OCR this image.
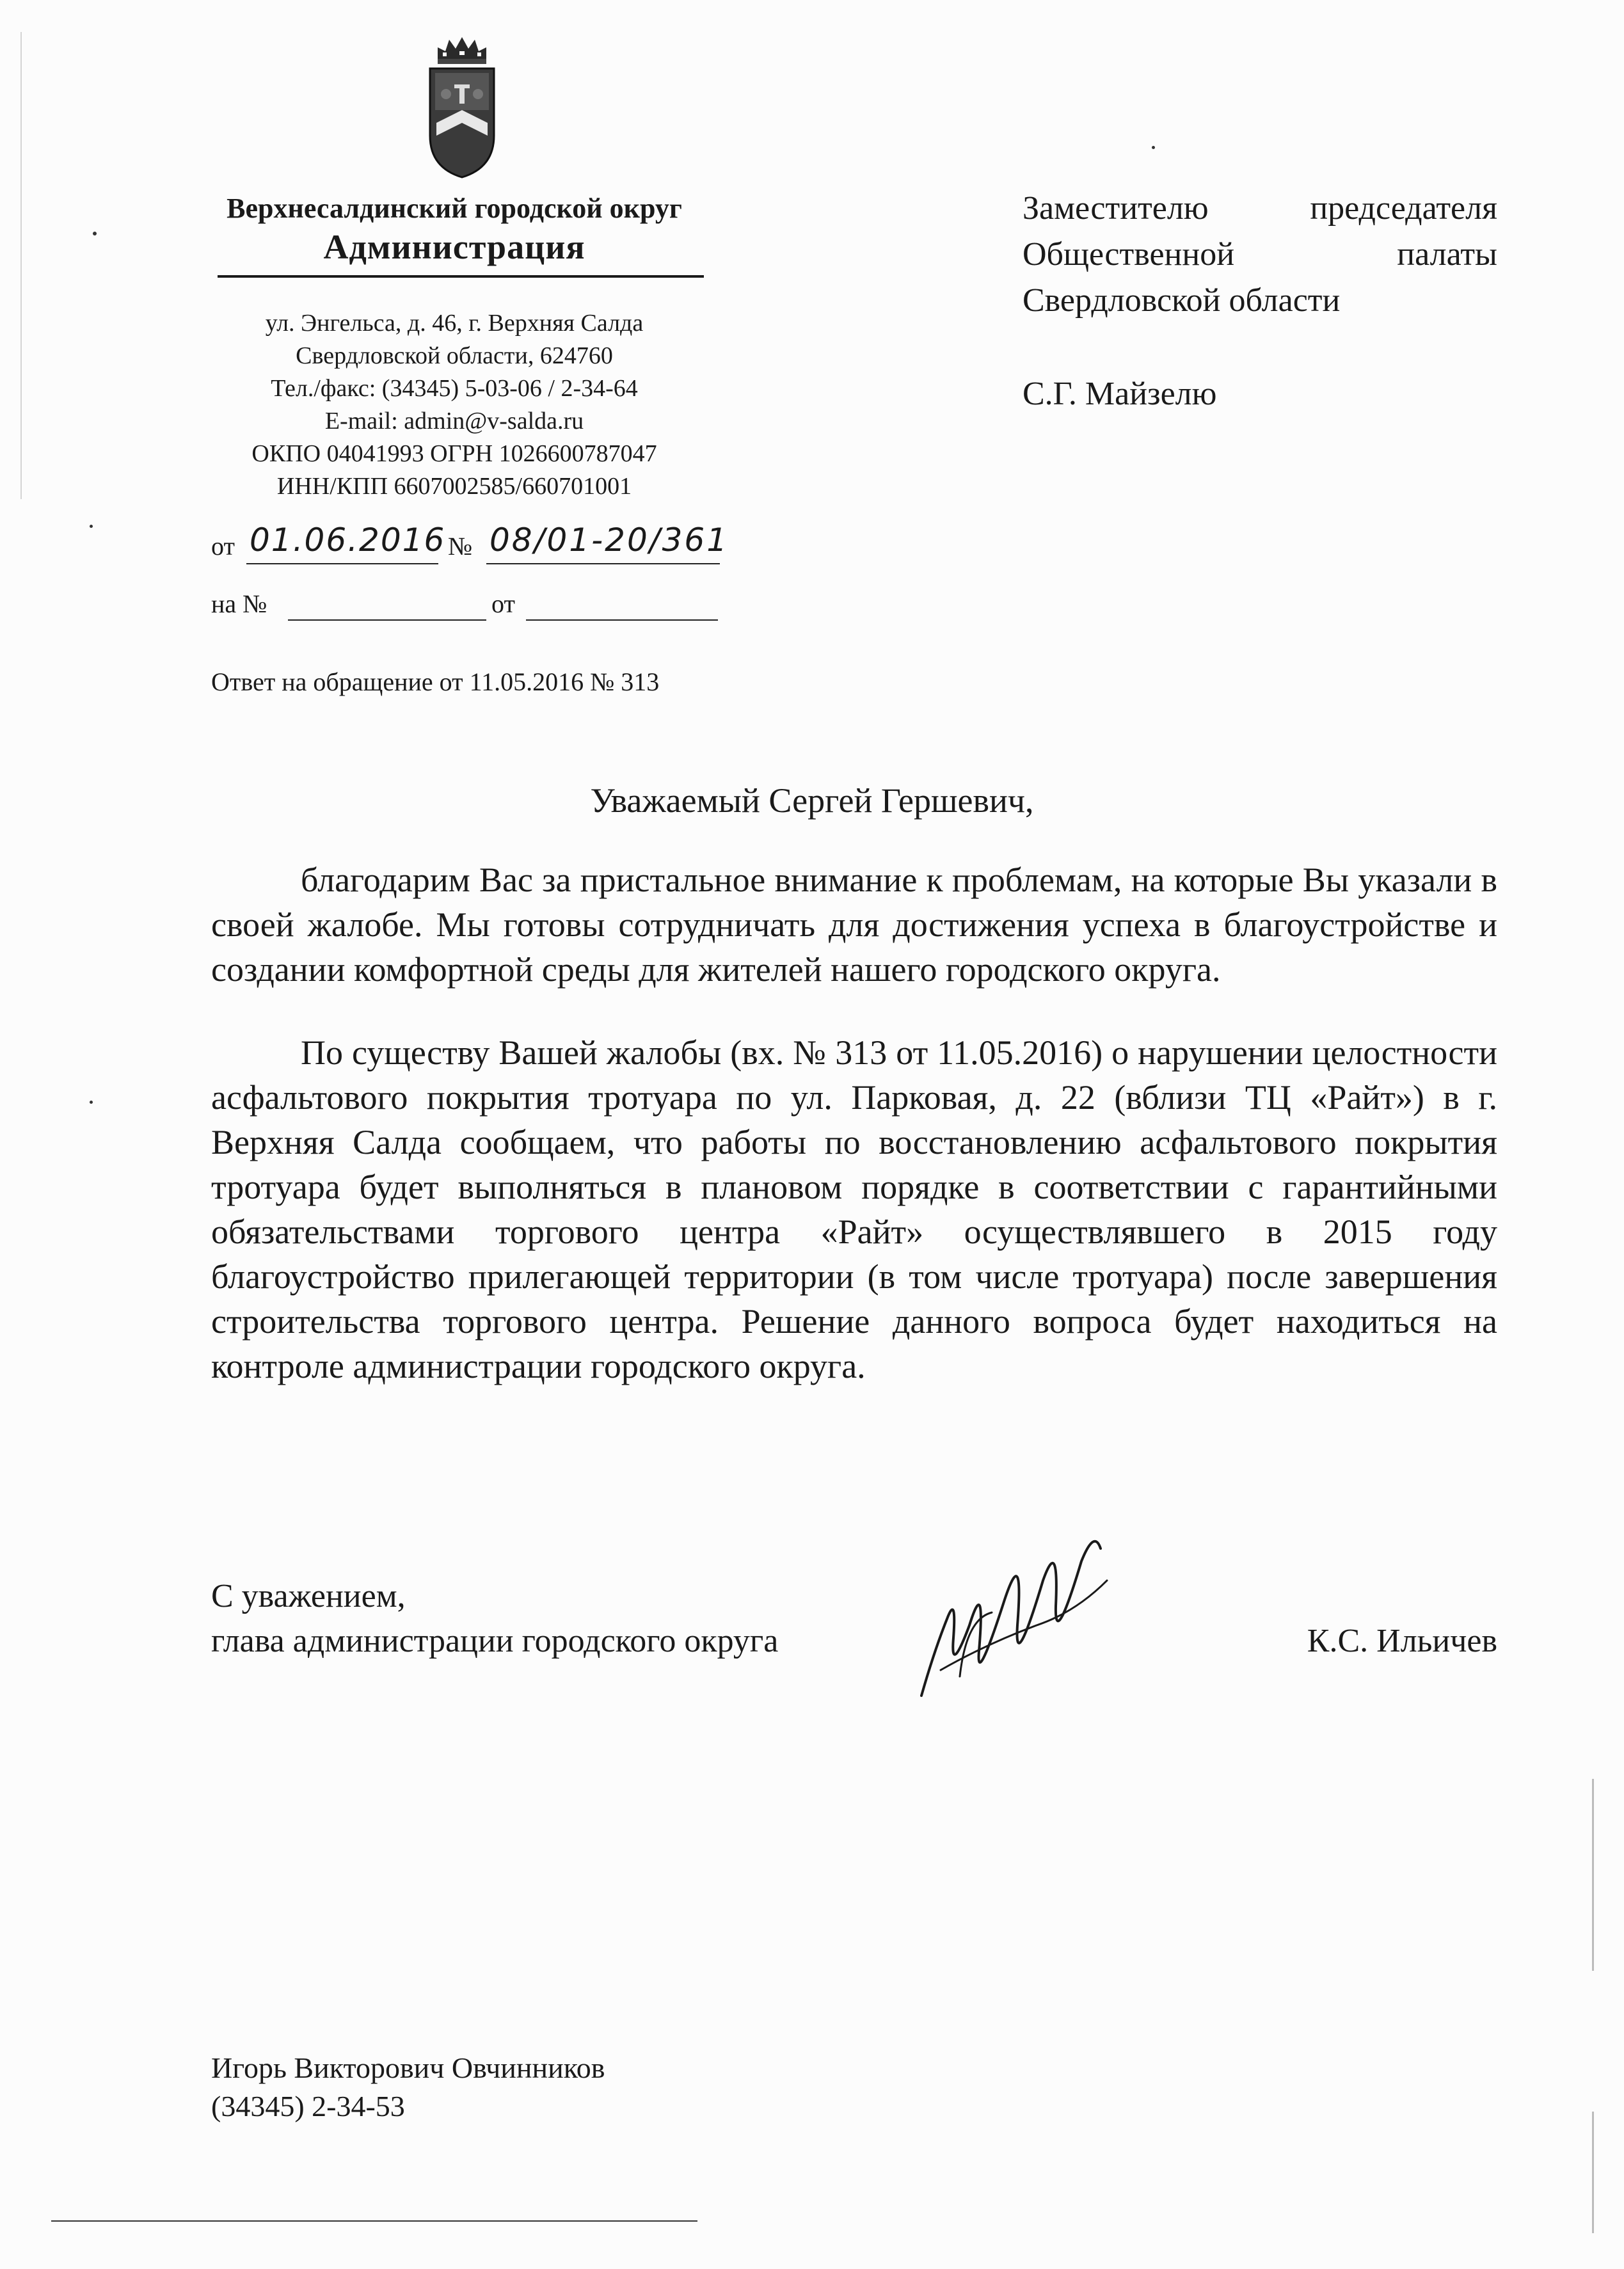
Верхнесалдинский городской округ
Администрация
ул. Энгельса, д. 46, г. Верхняя Салда
Свердловской области, 624760
Тел./факс: (34345) 5-03-06 / 2-34-64
E-mail: admin@v-salda.ru
ОКПО 04041993 ОГРН 1026600787047
ИНН/КПП 6607002585/660701001
от 01.06.2016 № 08/01-20/361
на №	от
Ответ на обращение от 11.05.2016 № 313
Заместителю председателя
Общественной палаты
Свердловской области
С.Г. Майзелю
Уважаемый Сергей Гершевич,

благодарим Вас за пристальное внимание к проблемам, на которые Вы указали в своей жалобе. Мы готовы сотрудничать для достижения успеха в благоустройстве и создании комфортной среды для жителей нашего городского округа.

По существу Вашей жалобы (вх. № 313 от 11.05.2016) о нарушении целостности асфальтового покрытия тротуара по ул. Парковая, д. 22 (вблизи ТЦ «Райт») в г. Верхняя Салда сообщаем, что работы по восстановлению асфальтового покрытия тротуара будет выполняться в плановом порядке в соответствии с гарантийными обязательствами торгового центра «Райт» осуществлявшего в 2015 году благоустройство прилегающей территории (в том числе тротуара) после завершения строительства торгового центра. Решение данного вопроса будет находиться на контроле администрации городского округа.

С уважением,
глава администрации городского округа	К.С. Ильичев
Игорь Викторович Овчинников
(34345) 2-34-53
